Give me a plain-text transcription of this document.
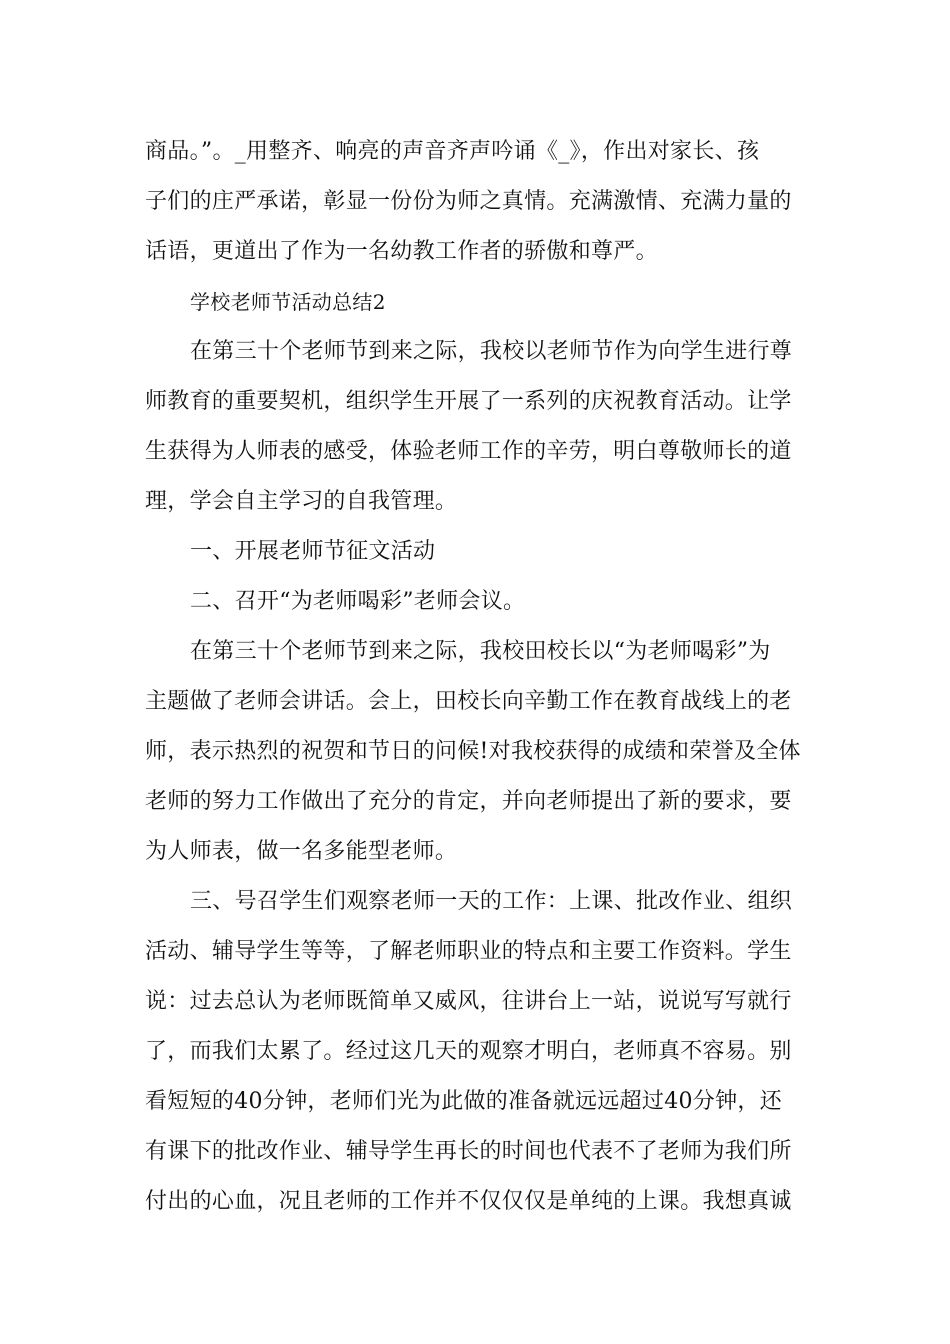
商品。”。_用整齐、响亮的声音齐声吟诵《_》，作出对家长、孩
子们的庄严承诺，彰显一份份为师之真情。充满激情、充满力量的
话语，更道出了作为一名幼教工作者的骄傲和尊严。
学校老师节活动总结2
在第三十个老师节到来之际，我校以老师节作为向学生进行尊
师教育的重要契机，组织学生开展了一系列的庆祝教育活动。让学
生获得为人师表的感受，体验老师工作的辛劳，明白尊敬师长的道
理，学会自主学习的自我管理。
一、开展老师节征文活动
二、召开“为老师喝彩”老师会议。
在第三十个老师节到来之际，我校田校长以“为老师喝彩”为
主题做了老师会讲话。会上，田校长向辛勤工作在教育战线上的老
师，表示热烈的祝贺和节日的问候!对我校获得的成绩和荣誉及全体
老师的努力工作做出了充分的肯定，并向老师提出了新的要求，要
为人师表，做一名多能型老师。
三、号召学生们观察老师一天的工作：上课、批改作业、组织
活动、辅导学生等等，了解老师职业的特点和主要工作资料。学生
说：过去总认为老师既简单又威风，往讲台上一站，说说写写就行
了，而我们太累了。经过这几天的观察才明白，老师真不容易。别
看短短的40分钟，老师们光为此做的准备就远远超过40分钟，还
有课下的批改作业、辅导学生再长的时间也代表不了老师为我们所
付出的心血，况且老师的工作并不仅仅仅是单纯的上课。我想真诚
